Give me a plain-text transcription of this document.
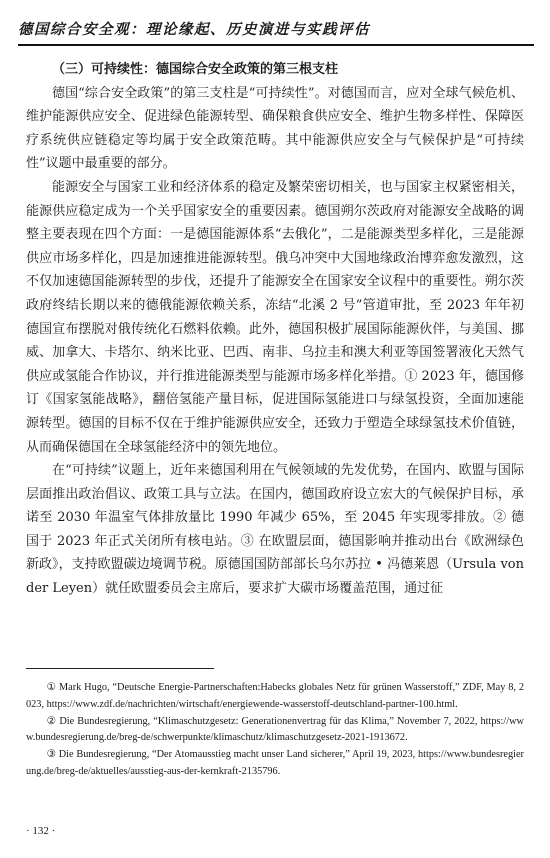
德国综合安全观：理论缘起、历史演进与实践评估
（三）可持续性：德国综合安全政策的第三根支柱

德国“综合安全政策”的第三支柱是“可持续性”。对德国而言，应对全球气候危机、维护能源供应安全、促进绿色能源转型、确保粮食供应安全、维护生物多样性、保障医疗系统供应链稳定等均属于安全政策范畴。其中能源供应安全与气候保护是“可持续性”议题中最重要的部分。

能源安全与国家工业和经济体系的稳定及繁荣密切相关，也与国家主权紧密相关，能源供应稳定成为一个关乎国家安全的重要因素。德国朔尔茨政府对能源安全战略的调整主要表现在四个方面：一是德国能源体系“去俄化”，二是能源类型多样化，三是能源供应市场多样化，四是加速推进能源转型。俄乌冲突中大国地缘政治博弈愈发激烈，这不仅加速德国能源转型的步伐，还提升了能源安全在国家安全议程中的重要性。朔尔茨政府终结长期以来的德俄能源依赖关系，冻结“北溪 2 号”管道审批，至 2023 年年初德国宣布摆脱对俄传统化石燃料依赖。此外，德国积极扩展国际能源伙伴，与美国、挪威、加拿大、卡塔尔、纳米比亚、巴西、南非、乌拉圭和澳大利亚等国签署液化天然气供应或氢能合作协议，并行推进能源类型与能源市场多样化举措。① 2023 年，德国修订《国家氢能战略》，翻倍氢能产量目标，促进国际氢能进口与绿氢投资，全面加速能源转型。德国的目标不仅在于维护能源供应安全，还致力于塑造全球绿氢技术价值链，从而确保德国在全球氢能经济中的领先地位。

在“可持续”议题上，近年来德国利用在气候领域的先发优势，在国内、欧盟与国际层面推出政治倡议、政策工具与立法。在国内，德国政府设立宏大的气候保护目标，承诺至 2030 年温室气体排放量比 1990 年减少 65%，至 2045 年实现零排放。② 德国于 2023 年正式关闭所有核电站。③ 在欧盟层面，德国影响并推动出台《欧洲绿色新政》，支持欧盟碳边境调节税。原德国国防部部长乌尔苏拉 • 冯德莱恩（Ursula von der Leyen）就任欧盟委员会主席后，要求扩大碳市场覆盖范围，通过征

① Mark Hugo, “Deutsche Energie-Partnerschaften:Habecks globales Netz für grünen Wasserstoff,” ZDF, May 8, 2023, https://www.zdf.de/nachrichten/wirtschaft/energiewende-wasserstoff-deutschland-partner-100.html.

② Die Bundesregierung, “Klimaschutzgesetz: Generationenvertrag für das Klima,” November 7, 2022, https://www.bundesregierung.de/breg-de/schwerpunkte/klimaschutz/klimaschutzgesetz-2021-1913672.

③ Die Bundesregierung, “Der Atomausstieg macht unser Land sicherer,” April 19, 2023, https://www.bundesregierung.de/breg-de/aktuelles/ausstieg-aus-der-kernkraft-2135796.

· 132 ·
